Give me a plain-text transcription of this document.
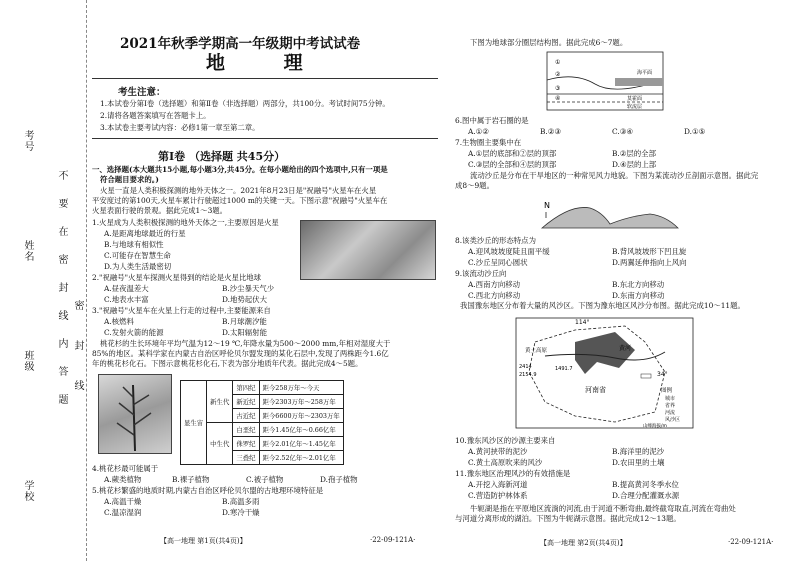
考号
姓名
班级
学校
不要在密封线内答题 密封线
2021年秋季学期高一年级期中考试试卷
地 理
考生注意：
1.本试卷分第Ⅰ卷（选择题）和第Ⅱ卷（非选择题）两部分，共100分。考试时间75分钟。
2.请将各题答案填写在答题卡上。
3.本试卷主要考试内容：必修1第一章至第二章。
第Ⅰ卷 （选择题 共45分）
一、选择题(本大题共15小题,每小题3分,共45分。在每小题给出的四个选项中,只有一项是
符合题目要求的。)
火星一直是人类积极探测的地外天体之一。2021年8月23日是"祝融号"火星车在火星
平安度过的第100天,火星车累计行驶超过1000 m的关键一天。下图示意"祝融号"火星车在
火星表面行驶的景观。据此完成1～3题。
1.火星成为人类积极探测的地外天体之一,主要原因是火星
A.是距离地球最近的行星
B.与地球有相似性
C.可能存在智慧生命
D.为人类生活最密切
2."祝融号"火星车探测火星得到的结论是火星比地球
A.昼夜温差大	B.沙尘暴天气少
C.地表水丰富	D.地势起伏大
3."祝融号"火星车在火星上行走的过程中,主要能源来自
A.核燃料	B.月球潮汐能
C.发射火箭的能源	D.太阳辐射能
桃花杉的生长环境年平均气温为12～19 ℃,年降水量为500～2000 mm,年相对湿度大于
85%的地区。某科学家在内蒙古自治区呼伦贝尔盟发现的某化石层中,发现了两株距今1.6亿
年的桃花杉化石。下图示意桃花杉化石,下表为部分地质年代表。据此完成4～5题。
显生宙	新生代	第四纪	距今258万年～今天
		新近纪	距今2303万年～258万年
		古近纪	距今6600万年～2303万年
	中生代	白垩纪	距今1.45亿年～0.66亿年
		侏罗纪	距今2.01亿年～1.45亿年
		三叠纪	距今2.52亿年～2.01亿年
4.桃花杉最可能属于
A.蕨类植物	B.裸子植物	C.被子植物	D.孢子植物
5.桃花杉繁盛的地质时期,内蒙古自治区呼伦贝尔盟的古地理环境特征是
A.高温干燥	B.高温多雨
C.温凉湿润	D.寒冷干燥
【高一地理 第1页(共4页)】	·22-09-121A·
下图为地球部分圈层结构图。据此完成6～7题。
①
②
③
④
海平面
莫霍面
软流层
6.图中属于岩石圈的是
A.①②	B.②③	C.③④	D.①⑤
7.生物圈主要集中在
A.①层的底部和②层的顶部	B.②层的全部
C.③层的全部和④层的顶部	D.④层的上部
流动沙丘是分布在干旱地区的一种常见风力地貌。下图为某流动沙丘剖面示意图。据此完
成8～9题。
N
8.该类沙丘的形态特点为
A.迎风坡坡度陡且面平缓	B.背风坡坡形下凹且旋
C.沙丘呈同心圆状	D.两翼延伸指向上风向
9.该流动沙丘向
A.西南方向移动	B.东北方向移动
C.西北方向移动	D.东南方向移动
我国豫东地区分布着大量的风沙区。下图为豫东地区风沙分布图。据此完成10～11题。
114°
34°
河南省
黄河
黄土高原
2414
2154.9
1491.7
图例
城市
省界
河流
风沙区
山峰海拔/m
10.豫东风沙区的沙源主要来自
A.黄河挟带的泥沙	B.海洋里的泥沙
C.黄土高原吹来的风沙	D.农田里的土壤
11.豫东地区治理风沙的有效措施是
A.开挖入海新河道	B.提高黄河冬季水位
C.营造防护林体系	D.合理分配灌溉水源
牛轭湖是指在平原地区流淌的河流,由于河道不断弯曲,最终截弯取直,河流在弯曲处
与河道分离形成的湖泊。下图为牛轭湖示意图。据此完成12～13题。
【高一地理 第2页(共4页)】	·22-09-121A·
